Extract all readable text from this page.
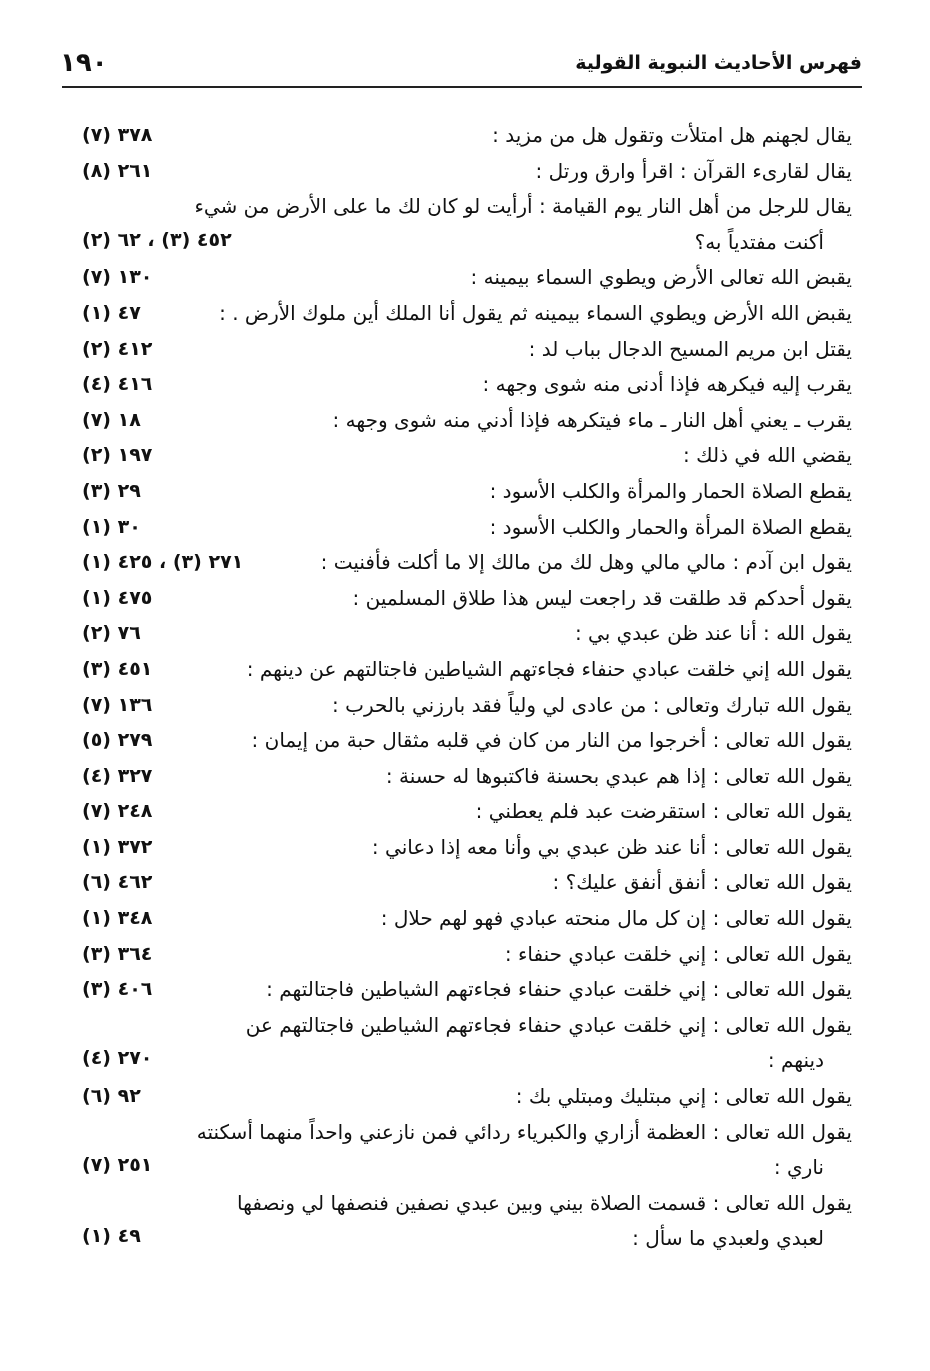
فهرس الأحاديث النبوية القولية
١٩٠
يقال لجهنم هل امتلأت وتقول هل من مزيد :
٣٧٨ (٧)
يقال لقارىء القرآن : اقرأ وارق ورتل :
٢٦١ (٨)
يقال للرجل من أهل النار يوم القيامة : أرأيت لو كان لك ما على الأرض من شيء
أكنت مفتدياً به؟
٤٥٢ (٣) ، ٦٢ (٢)
يقبض الله تعالى الأرض ويطوي السماء بيمينه :
١٣٠ (٧)
يقبض الله الأرض ويطوي السماء بيمينه ثم يقول أنا الملك أين ملوك الأرض . :
٤٧ (١)
يقتل ابن مريم المسيح الدجال بباب لد :
٤١٢ (٢)
يقرب إليه فيكرهه فإذا أدنى منه شوى وجهه :
٤١٦ (٤)
يقرب ـ يعني أهل النار ـ ماء فيتكرهه فإذا أدني منه شوى وجهه :
١٨ (٧)
يقضي الله في ذلك :
١٩٧ (٢)
يقطع الصلاة الحمار والمرأة والكلب الأسود :
٢٩ (٣)
يقطع الصلاة المرأة والحمار والكلب الأسود :
٣٠ (١)
يقول ابن آدم : مالي مالي وهل لك من مالك إلا ما أكلت فأفنيت :
٢٧١ (٣) ، ٤٢٥ (١)
يقول أحدكم قد طلقت قد راجعت ليس هذا طلاق المسلمين :
٤٧٥ (١)
يقول الله : أنا عند ظن عبدي بي :
٧٦ (٢)
يقول الله إني خلقت عبادي حنفاء فجاءتهم الشياطين فاجتالتهم عن دينهم :
٤٥١ (٣)
يقول الله تبارك وتعالى : من عادى لي ولياً فقد بارزني بالحرب :
١٣٦ (٧)
يقول الله تعالى : أخرجوا من النار من كان في قلبه مثقال حبة من إيمان :
٢٧٩ (٥)
يقول الله تعالى : إذا هم عبدي بحسنة فاكتبوها له حسنة :
٣٢٧ (٤)
يقول الله تعالى : استقرضت عبد فلم يعطني :
٢٤٨ (٧)
يقول الله تعالى : أنا عند ظن عبدي بي وأنا معه إذا دعاني :
٣٧٢ (١)
يقول الله تعالى : أنفق أنفق عليك؟ :
٤٦٢ (٦)
يقول الله تعالى : إن كل مال منحته عبادي فهو لهم حلال :
٣٤٨ (١)
يقول الله تعالى : إني خلقت عبادي حنفاء :
٣٦٤ (٣)
يقول الله تعالى : إني خلقت عبادي حنفاء فجاءتهم الشياطين فاجتالتهم :
٤٠٦ (٣)
يقول الله تعالى : إني خلقت عبادي حنفاء فجاءتهم الشياطين فاجتالتهم عن
دينهم :
٢٧٠ (٤)
يقول الله تعالى : إني مبتليك ومبتلي بك :
٩٢ (٦)
يقول الله تعالى : العظمة أزاري والكبرياء ردائي فمن نازعني واحداً منهما أسكنته
ناري :
٢٥١ (٧)
يقول الله تعالى : قسمت الصلاة بيني وبين عبدي نصفين فنصفها لي ونصفها
لعبدي ولعبدي ما سأل :
٤٩ (١)
